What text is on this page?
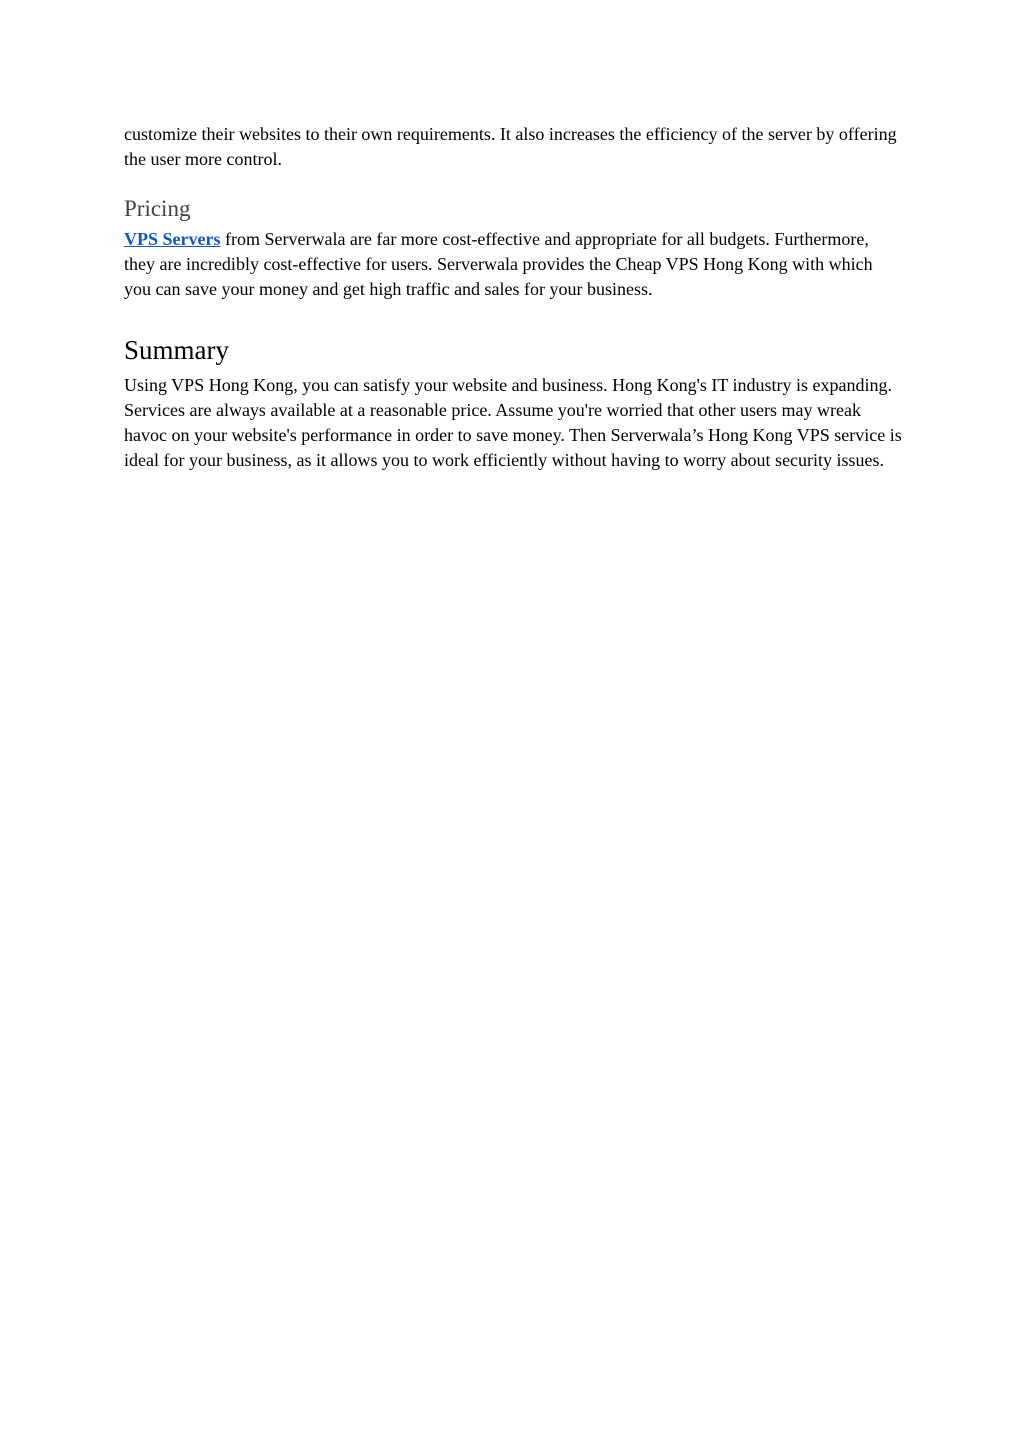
customize their websites to their own requirements. It also increases the efficiency of the server by offering the user more control.

Pricing

VPS Servers from Serverwala are far more cost-effective and appropriate for all budgets. Furthermore, they are incredibly cost-effective for users. Serverwala provides the Cheap VPS Hong Kong with which you can save your money and get high traffic and sales for your business.

Summary

Using VPS Hong Kong, you can satisfy your website and business. Hong Kong's IT industry is expanding. Services are always available at a reasonable price. Assume you're worried that other users may wreak havoc on your website's performance in order to save money. Then Serverwala’s Hong Kong VPS service is ideal for your business, as it allows you to work efficiently without having to worry about security issues.
